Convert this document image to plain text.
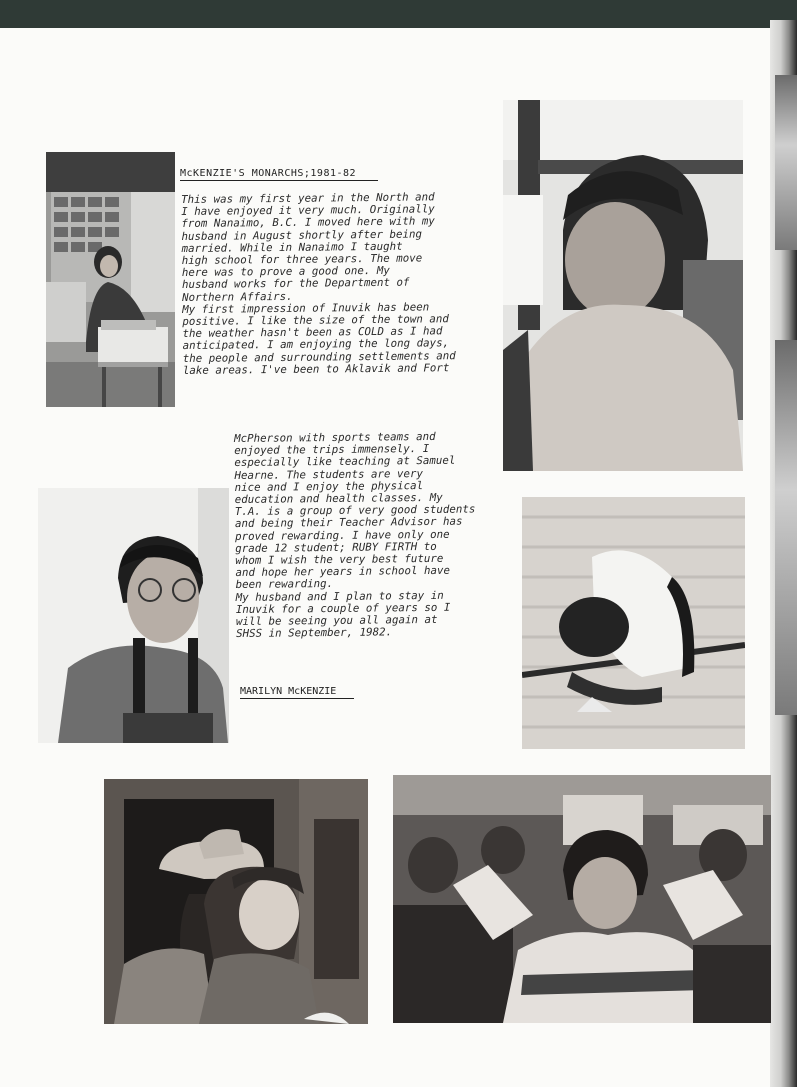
McKENZIE'S MONARCHS;1981-82

This was my first year in the North and

I have enjoyed it very much. Originally

from Nanaimo, B.C. I moved here with my

husband in August shortly after being

married. While in Nanaimo I taught

high school for three years. The move

here was to prove a good one. My

husband works for the Department of

Northern Affairs.

My first impression of Inuvik has been

positive. I like the size of the town and

the weather hasn't been as COLD as I had

anticipated. I am enjoying the long days,

the people and surrounding settlements and

lake areas. I've been to Aklavik and Fort

McPherson with sports teams and

enjoyed the trips immensely. I

especially like teaching at Samuel

Hearne. The students are very

nice and I enjoy the physical

education and health classes. My

T.A. is a group of very good students

and being their Teacher Advisor has

proved rewarding. I have only one

grade 12 student; RUBY FIRTH to

whom I wish the very best future

and hope her years in school have

been rewarding.

My husband and I plan to stay in

Inuvik for a couple of years so I

will be seeing you all again at

SHSS in September, 1982.

MARILYN McKENZIE
